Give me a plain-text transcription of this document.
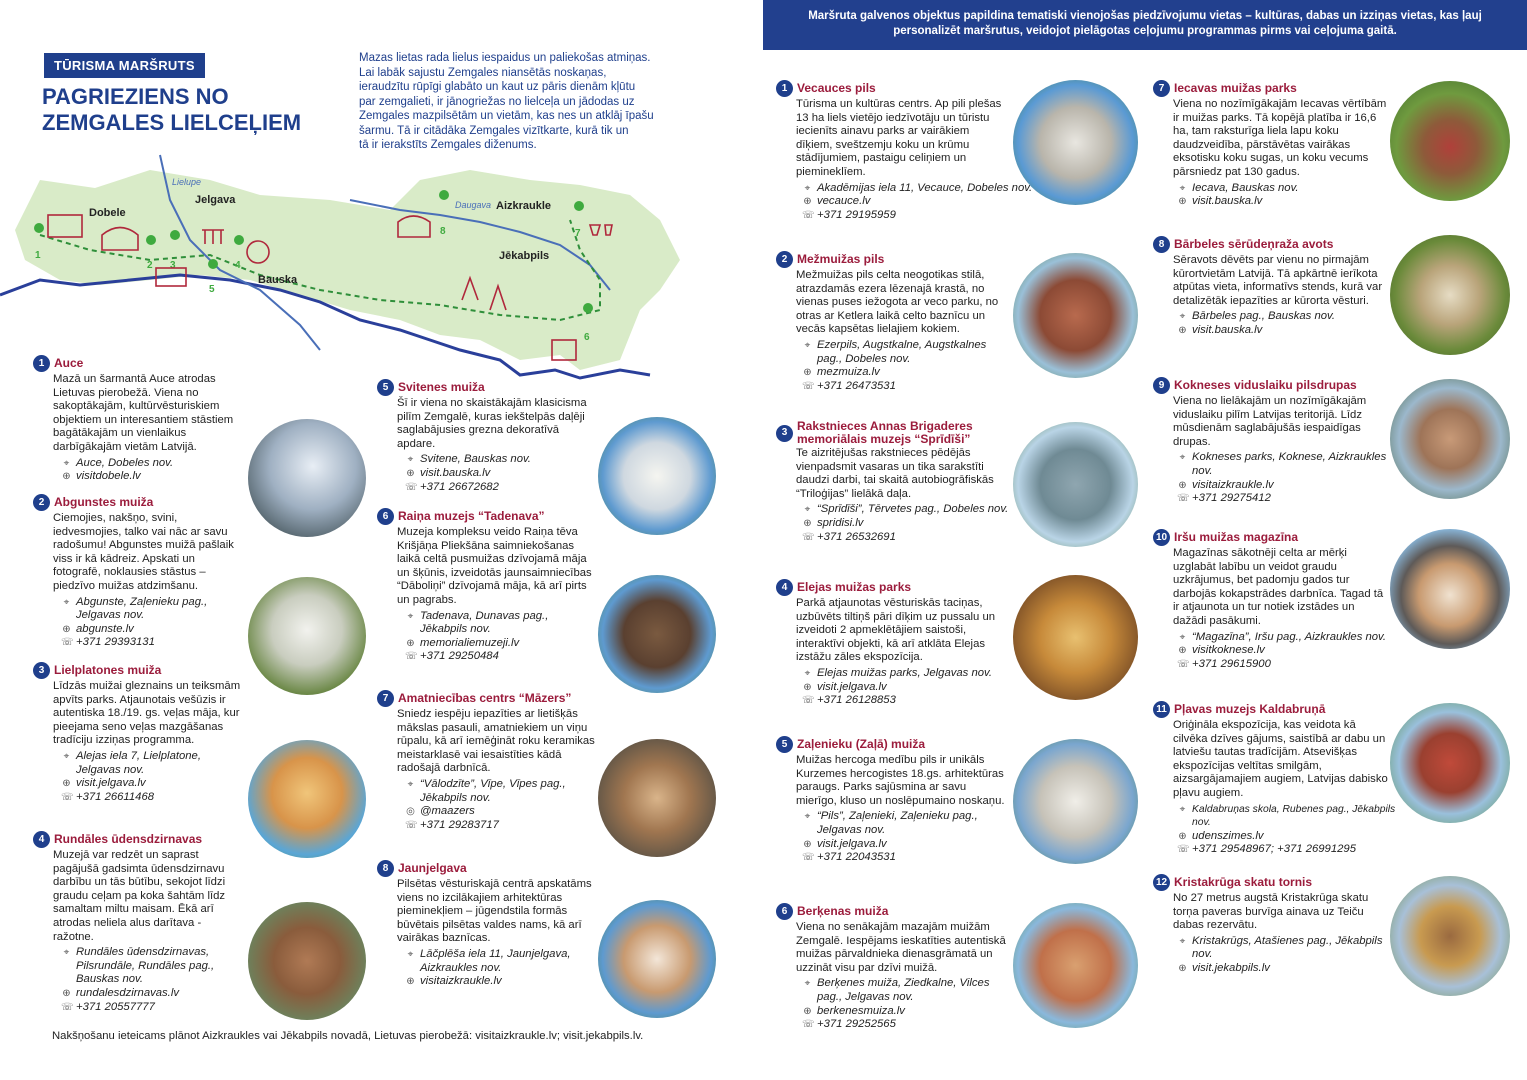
TŪRISMA MARŠRUTS
PAGRIEZIENS NO
ZEMGALES LIELCEĻIEM
Mazas lietas rada lielus iespaidus un paliekošas atmiņas.
Lai labāk sajustu Zemgales niansētās noskaņas,
ieraudzītu rūpīgi glabāto un kaut uz pāris dienām kļūtu
par zemgalieti, ir jānogriežas no lielceļa un jādodas uz
Zemgales mazpilsētām un vietām, kas nes un atklāj īpašu
šarmu. Tā ir citādāka Zemgales vizītkarte, kurā tik un
tā ir ierakstīts Zemgales diženums.
Dobele
Jelgava
Bauska
Aizkraukle
Jēkabpils
Lielupe
Daugava
1
2 3	4
5
6
7
8
1 Auce
Mazā un šarmantā Auce atrodas Lietuvas pierobežā. Viena no sakoptākajām, kultūrvēsturiskiem objektiem un interesantiem stāstiem bagātākajām un vienlaikus darbīgākajām vietām Latvijā.
⌖ Auce, Dobeles nov.
⊕ visitdobele.lv
2 Abgunstes muiža
Ciemojies, nakšņo, svini, iedvesmojies, talko vai nāc ar savu radošumu! Abgunstes muižā pašlaik viss ir kā kādreiz. Apskati un fotografē, noklausies stāstus – piedzīvo muižas atdzimšanu.
⌖ Abgunste, Zaļenieku pag., Jelgavas nov.
⊕ abgunste.lv
☏ +371 29393131
3 Lielplatones muiža
Līdzās muižai gleznains un teiksmām apvīts parks. Atjaunotais vešūzis ir autentiska 18./19. gs. veļas māja, kur pieejama seno veļas mazgāšanas tradīciju izziņas programma.
⌖ Alejas iela 7, Lielplatone, Jelgavas nov.
⊕ visit.jelgava.lv
☏ +371 26611468
4 Rundāles ūdensdzirnavas
Muzejā var redzēt un saprast pagājušā gadsimta ūdensdzirnavu darbību un tās būtību, sekojot līdzi graudu ceļam pa koka šahtām līdz samaltam miltu maisam. Ēkā arī atrodas neliela alus darītava - ražotne.
⌖ Rundāles ūdensdzirnavas, Pilsrundāle, Rundāles pag., Bauskas nov.
⊕ rundalesdzirnavas.lv
☏ +371 20557777
5 Svitenes muiža
Šī ir viena no skaistākajām klasicisma pilīm Zemgalē, kuras iekštelpās daļēji saglabājusies grezna dekoratīvā apdare.
⌖ Svitene, Bauskas nov.
⊕ visit.bauska.lv
☏ +371 26672682
6 Raiņa muzejs “Tadenava”
Muzeja kompleksu veido Raiņa tēva Krišjāņa Pliekšāna saimniekošanas laikā celtā pusmuižas dzīvojamā māja un šķūnis, izveidotās jaunsaimniecības “Dāboliņi” dzīvojamā māja, kā arī pirts un pagrabs.
⌖ Tadenava, Dunavas pag., Jēkabpils nov.
⊕ memorialiemuzeji.lv
☏ +371 29250484
7 Amatniecības centrs “Māzers”
Sniedz iespēju iepazīties ar lietišķās mākslas pasauli, amatniekiem un viņu rūpalu, kā arī iemēģināt roku keramikas meistarklasē vai iesaistīties kādā radošajā darbnīcā.
⌖ “Vālodzīte”, Vīpe, Vīpes pag., Jēkabpils nov.
◎ @maazers
☏ +371 29283717
8 Jaunjelgava
Pilsētas vēsturiskajā centrā apskatāms viens no izcilākajiem arhitektūras pieminekļiem – jūgendstila formās būvētais pilsētas valdes nams, kā arī vairākas baznīcas.
⌖ Lāčplēša iela 11, Jaunjelgava, Aizkraukles nov.
⊕ visitaizkraukle.lv
Nakšņošanu ieteicams plānot Aizkraukles vai Jēkabpils novadā, Lietuvas pierobežā: visitaizkraukle.lv; visit.jekabpils.lv.
Maršruta galvenos objektus papildina tematiski vienojošas piedzīvojumu vietas – kultūras, dabas un izziņas vietas, kas ļauj personalizēt maršrutus, veidojot pielāgotas ceļojumu programmas pirms vai ceļojuma gaitā.
1 Vecauces pils
Tūrisma un kultūras centrs. Ap pili plešas 13 ha liels vietējo iedzīvotāju un tūristu iecienīts ainavu parks ar vairākiem dīķiem, sveštzemju koku un krūmu stādījumiem, pastaigu celiņiem un piemineklīem.
⌖ Akadēmijas iela 11, Vecauce, Dobeles nov.
⊕ vecauce.lv
☏ +371 29195959
2 Mežmuižas pils
Mežmuižas pils celta neogotikas stilā, atrazdamās ezera lēzenajā krastā, no vienas puses iežogota ar veco parku, no otras ar Ketlera laikā celto baznīcu un vecās kapsētas lielajiem kokiem.
⌖ Ezerpils, Augstkalne, Augstkalnes pag., Dobeles nov.
⊕ mezmuiza.lv
☏ +371 26473531
3 Rakstnieces Annas Brigaderes memoriālais muzejs “Sprīdīši”
Te aizritējušas rakstnieces pēdējās vienpadsmit vasaras un tika sarakstīti daudzi darbi, tai skaitā autobiogrāfiskās “Triloģijas” lielākā daļa.
⌖ “Sprīdīši”, Tērvetes pag., Dobeles nov.
⊕ spridisi.lv
☏ +371 26532691
4 Elejas muižas parks
Parkā atjaunotas vēsturiskās taciņas, uzbūvēts tiltiņš pāri dīķim uz pussalu un izveidoti 2 apmeklētājiem saistoši, interaktīvi objekti, kā arī atklāta Elejas izstāžu zāles ekspozīcija.
⌖ Elejas muižas parks, Jelgavas nov.
⊕ visit.jelgava.lv
☏ +371 26128853
5 Zaļenieku (Zaļā) muiža
Muižas hercoga medību pils ir unikāls Kurzemes hercogistes 18.gs. arhitektūras paraugs. Parks sajūsmina ar savu mierīgo, kluso un noslēpumaino noskaņu.
⌖ “Pils”, Zaļenieki, Zaļenieku pag., Jelgavas nov.
⊕ visit.jelgava.lv
☏ +371 22043531
6 Berķenas muiža
Viena no senākajām mazajām muižām Zemgalē. Iespējams ieskatīties autentiskā muižas pārvaldnieka dienasgrāmatā un uzzināt visu par dzīvi muižā.
⌖ Berķenes muiža, Ziedkalne, Vilces pag., Jelgavas nov.
⊕ berkenesmuiza.lv
☏ +371 29252565
7 Iecavas muižas parks
Viena no nozīmīgākajām Iecavas vērtībām ir muižas parks. Tā kopējā platība ir 16,6 ha, tam raksturīga liela lapu koku daudzveidība, pārstāvētas vairākas eksotisku koku sugas, un koku vecums pārsniedz pat 130 gadus.
⌖ Iecava, Bauskas nov.
⊕ visit.bauska.lv
8 Bārbeles sērūdeņraža avots
Sēravots dēvēts par vienu no pirmajām kūrortvietām Latvijā. Tā apkārtnē ierīkota atpūtas vieta, informatīvs stends, kurā var detalizētāk iepazīties ar kūrorta vēsturi.
⌖ Bārbeles pag., Bauskas nov.
⊕ visit.bauska.lv
9 Kokneses viduslaiku pilsdrupas
Viena no lielākajām un nozīmīgākajām viduslaiku pilīm Latvijas teritorijā. Līdz mūsdienām saglabājušās iespaidīgas drupas.
⌖ Kokneses parks, Koknese, Aizkraukles nov.
⊕ visitaizkraukle.lv
☏ +371 29275412
10 Iršu muižas magazīna
Magazīnas sākotnēji celta ar mērķi uzglabāt labību un veidot graudu uzkrājumus, bet padomju gados tur darbojās kokapstrādes darbnīca. Tagad tā ir atjaunota un tur notiek izstādes un dažādi pasākumi.
⌖ “Magazīna”, Iršu pag., Aizkraukles nov.
⊕ visitkoknese.lv
☏ +371 29615900
11 Pļavas muzejs Kaldabruņā
Oriģināla ekspozīcija, kas veidota kā cilvēka dzīves gājums, saistībā ar dabu un latviešu tautas tradīcijām. Atsevišķas ekspozīcijas veltītas smilgām, aizsargājamajiem augiem, Latvijas dabisko pļavu augiem.
⌖ Kaldabruņas skola, Rubenes pag., Jēkabpils nov.
⊕ udenszimes.lv
☏ +371 29548967; +371 26991295
12 Kristakrūga skatu tornis
No 27 metrus augstā Kristakrūga skatu torņa paveras burvīga ainava uz Teiču dabas rezervātu.
⌖ Kristakrūgs, Atašienes pag., Jēkabpils nov.
⊕ visit.jekabpils.lv
